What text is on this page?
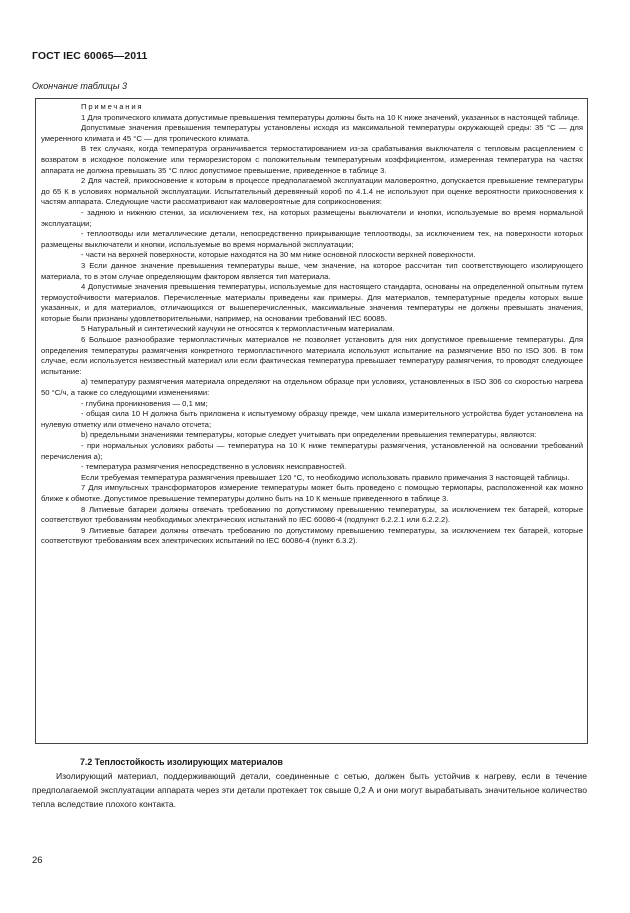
ГОСТ IEC 60065—2011
Окончание таблицы 3

Примечания

1 Для тропического климата допустимые превышения температуры должны быть на 10 К ниже значений, указанных в настоящей таблице.

Допустимые значения превышения температуры установлены исходя из максимальной температуры окружающей среды: 35 °С — для умеренного климата и 45 °С — для тропического климата.

В тех случаях, когда температура ограничивается термостатированием из-за срабатывания выключателя с тепловым расцеплением с возвратом в исходное положение или терморезистором с положительным температурным коэффициентом, измеренная температура на частях аппарата не должна превышать 35 °С плюс допустимое превышение, приведенное в таблице 3.

2 Для частей, прикосновение к которым в процессе предполагаемой эксплуатации маловероятно, допускается превышение температуры до 65 К в условиях нормальной эксплуатации. Испытательный деревянный короб по 4.1.4 не используют при оценке вероятности прикосновения к частям аппарата. Следующие части рассматривают как маловероятные для соприкосновения:

- заднюю и нижнюю стенки, за исключением тех, на которых размещены выключатели и кнопки, используемые во время нормальной эксплуатации;

- теплоотводы или металлические детали, непосредственно прикрывающие теплоотводы, за исключением тех, на поверхности которых размещены выключатели и кнопки, используемые во время нормальной эксплуатации;

- части на верхней поверхности, которые находятся на 30 мм ниже основной плоскости верхней поверхности.

3 Если данное значение превышения температуры выше, чем значение, на которое рассчитан тип соответствующего изолирующего материала, то в этом случае определяющим фактором является тип материала.

4 Допустимые значения превышения температуры, используемые для настоящего стандарта, основаны на определенной опытным путем термоустойчивости материалов. Перечисленные материалы приведены как примеры. Для материалов, температурные пределы которых выше указанных, и для материалов, отличающихся от вышеперечисленных, максимальные значения температуры не должны превышать значения, которые были признаны удовлетворительными, например, на основании требований IEC 60085.

5 Натуральный и синтетический каучуки не относятся к термопластичным материалам.

6 Большое разнообразие термопластичных материалов не позволяет установить для них допустимое превышение температуры. Для определения температуры размягчения конкретного термопластичного материала используют испытание на размягчение B50 по ISO 306. В том случае, если используется неизвестный материал или если фактическая температура превышает температуру размягчения, то проводят следующее испытание:

a) температуру размягчения материала определяют на отдельном образце при условиях, установленных в ISO 306 со скоростью нагрева 50 °С/ч, а также со следующими изменениями:

- глубина проникновения — 0,1 мм;

- общая сила 10 Н должна быть приложена к испытуемому образцу прежде, чем шкала измерительного устройства будет установлена на нулевую отметку или отмечено начало отсчета;

b) предельными значениями температуры, которые следует учитывать при определении превышения температуры, являются:

- при нормальных условиях работы — температура на 10 К ниже температуры размягчения, установленной на основании требований перечисления а);

- температура размягчения непосредственно в условиях неисправностей.

Если требуемая температура размягчения превышает 120 °С, то необходимо использовать правило примечания 3 настоящей таблицы.

7 Для импульсных трансформаторов измерение температуры может быть проведено с помощью термопары, расположенной как можно ближе к обмотке. Допустимое превышение температуры должно быть на 10 К меньше приведенного в таблице 3.

8 Литиевые батареи должны отвечать требованию по допустимому превышению температуры, за исключением тех батарей, которые соответствуют требованиям необходимых электрических испытаний по IEC 60086-4 (подпункт 6.2.2.1 или 6.2.2.2).

9 Литиевые батареи должны отвечать требованию по допустимому превышению температуры, за исключением тех батарей, которые соответствуют требованиям всех электрических испытаний по IEC 60086-4 (пункт 6.3.2).

7.2 Теплостойкость изолирующих материалов

Изолирующий материал, поддерживающий детали, соединенные с сетью, должен быть устойчив к нагреву, если в течение предполагаемой эксплуатации аппарата через эти детали протекает ток свыше 0,2 А и они могут вырабатывать значительное количество тепла вследствие плохого контакта.

26
